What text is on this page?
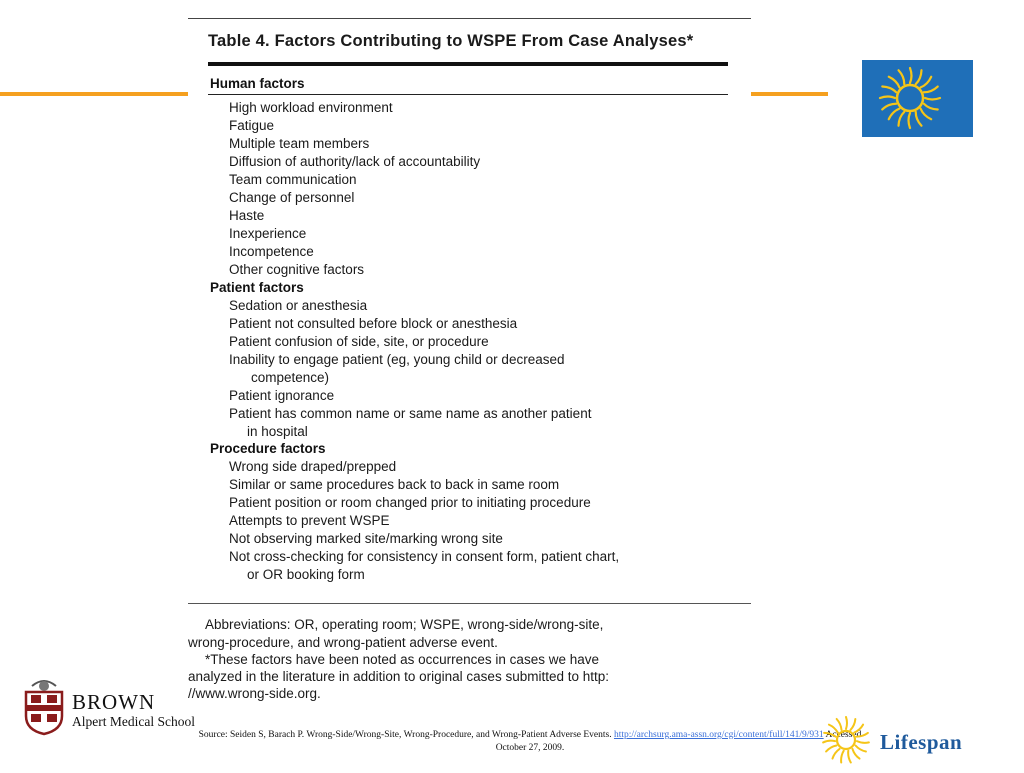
Table 4. Factors Contributing to WSPE From Case Analyses*
Human factors
High workload environment
Fatigue
Multiple team members
Diffusion of authority/lack of accountability
Team communication
Change of personnel
Haste
Inexperience
Incompetence
Other cognitive factors
Patient factors
Sedation or anesthesia
Patient not consulted before block or anesthesia
Patient confusion of side, site, or procedure
Inability to engage patient (eg, young child or decreased
competence)
Patient ignorance
Patient has common name or same name as another patient
in hospital
Procedure factors
Wrong side draped/prepped
Similar or same procedures back to back in same room
Patient position or room changed prior to initiating procedure
Attempts to prevent WSPE
Not observing marked site/marking wrong site
Not cross-checking for consistency in consent form, patient chart,
or OR booking form
Abbreviations: OR, operating room; WSPE, wrong-side/wrong-site,
wrong-procedure, and wrong-patient adverse event.
*These factors have been noted as occurrences in cases we have
analyzed in the literature in addition to original cases submitted to http:
//www.wrong-side.org.
BROWN
Alpert Medical School
Source: Seiden S, Barach P. Wrong-Side/Wrong-Site, Wrong-Procedure, and Wrong-Patient Adverse Events. http://archsurg.ama-assn.org/cgi/content/full/141/9/931 Accessed
October 27, 2009.	Lifespan
